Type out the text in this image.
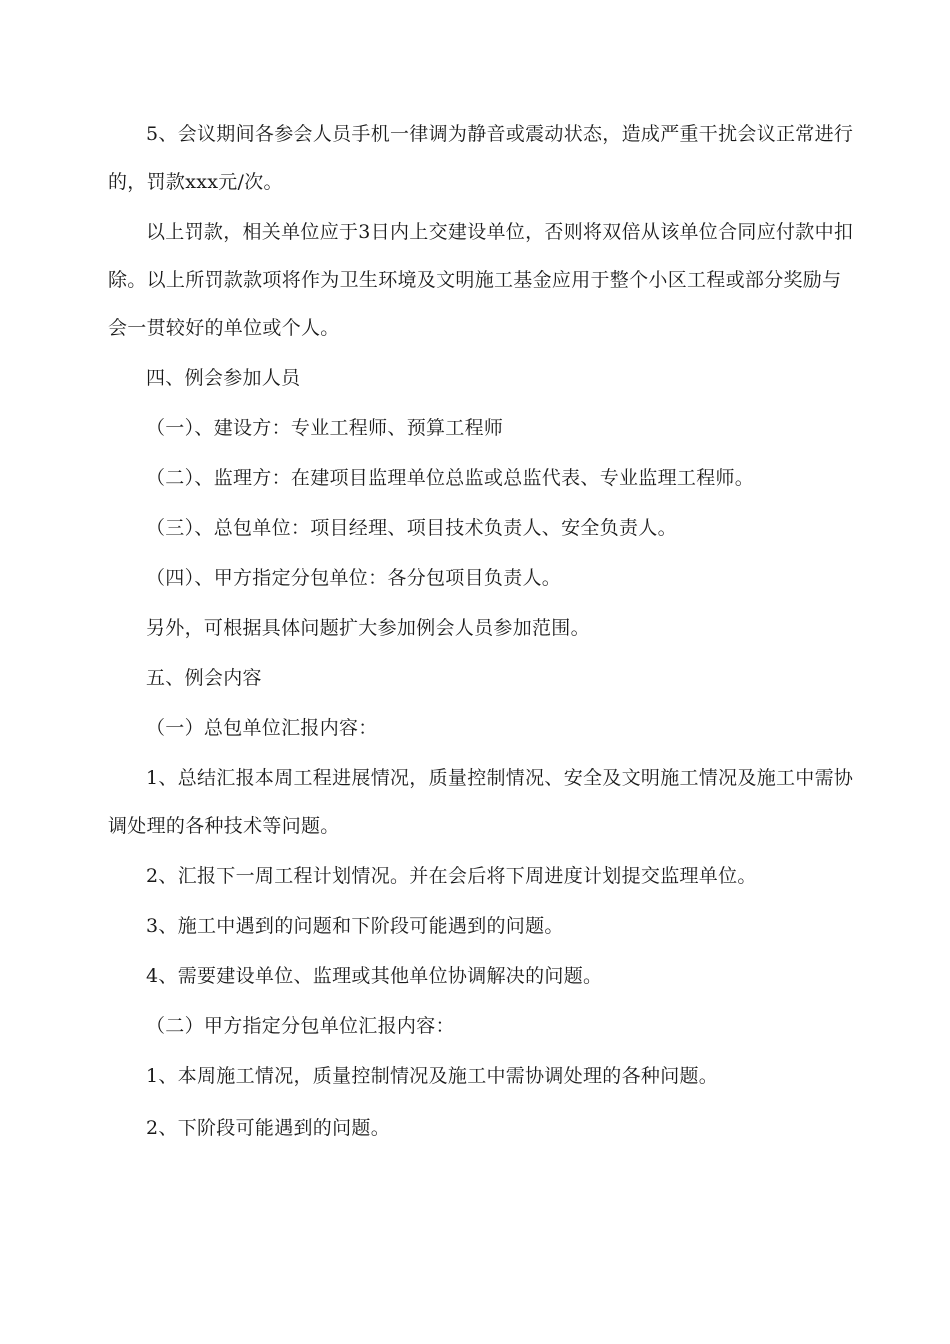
5、会议期间各参会人员手机一律调为静音或震动状态，造成严重干扰会议正常进行的，罚款xxx元/次。

以上罚款，相关单位应于3日内上交建设单位，否则将双倍从该单位合同应付款中扣除。以上所罚款款项将作为卫生环境及文明施工基金应用于整个小区工程或部分奖励与会一贯较好的单位或个人。

四、例会参加人员

（一）、建设方：专业工程师、预算工程师

（二）、监理方：在建项目监理单位总监或总监代表、专业监理工程师。

（三）、总包单位：项目经理、项目技术负责人、安全负责人。

（四）、甲方指定分包单位：各分包项目负责人。

另外，可根据具体问题扩大参加例会人员参加范围。

五、例会内容

（一）总包单位汇报内容：

1、总结汇报本周工程进展情况，质量控制情况、安全及文明施工情况及施工中需协调处理的各种技术等问题。

2、汇报下一周工程计划情况。并在会后将下周进度计划提交监理单位。

3、施工中遇到的问题和下阶段可能遇到的问题。

4、需要建设单位、监理或其他单位协调解决的问题。

（二）甲方指定分包单位汇报内容：

1、本周施工情况，质量控制情况及施工中需协调处理的各种问题。

2、下阶段可能遇到的问题。
